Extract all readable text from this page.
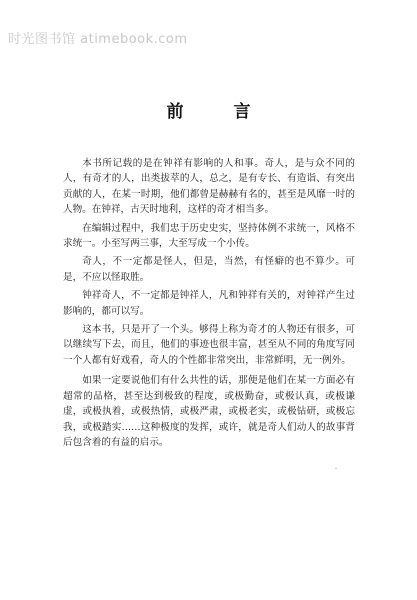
时光图书馆 atimebook.com
前 言

本书所记载的是在钟祥有影响的人和事。奇人，是与众不同的人，有奇才的人，出类拔萃的人，总之，是有专长、有造诣、有突出贡献的人，在某一时期，他们都曾是赫赫有名的，甚至是风靡一时的人物。在钟祥，古天时地利，这样的奇才相当多。

在编辑过程中，我们忠于历史史实，坚持体例不求统一，风格不求统一。小至写两三事，大至写成一个小传。

奇人，不一定都是怪人，但是，当然，有怪癖的也不算少。可是，不应以怪取胜。

钟祥奇人，不一定都是钟祥人，凡和钟祥有关的，对钟祥产生过影响的，都可以写。

这本书，只是开了一个头。够得上称为奇才的人物还有很多，可以继续写下去，而且，他们的事迹也很丰富，甚至从不同的角度写同一个人都有好戏看，奇人的个性都非常突出，非常鲜明，无一例外。

如果一定要说他们有什么共性的话，那便是他们在某一方面必有超常的品格，甚至达到极致的程度，或极勤奋，或极认真，或极谦虚，或极执着，或极热情，或极严肃，或极老实，或极钻研，或极忘我，或极踏实……这种极度的发挥，或许，就是奇人们动人的故事背后包含着的有益的启示。
